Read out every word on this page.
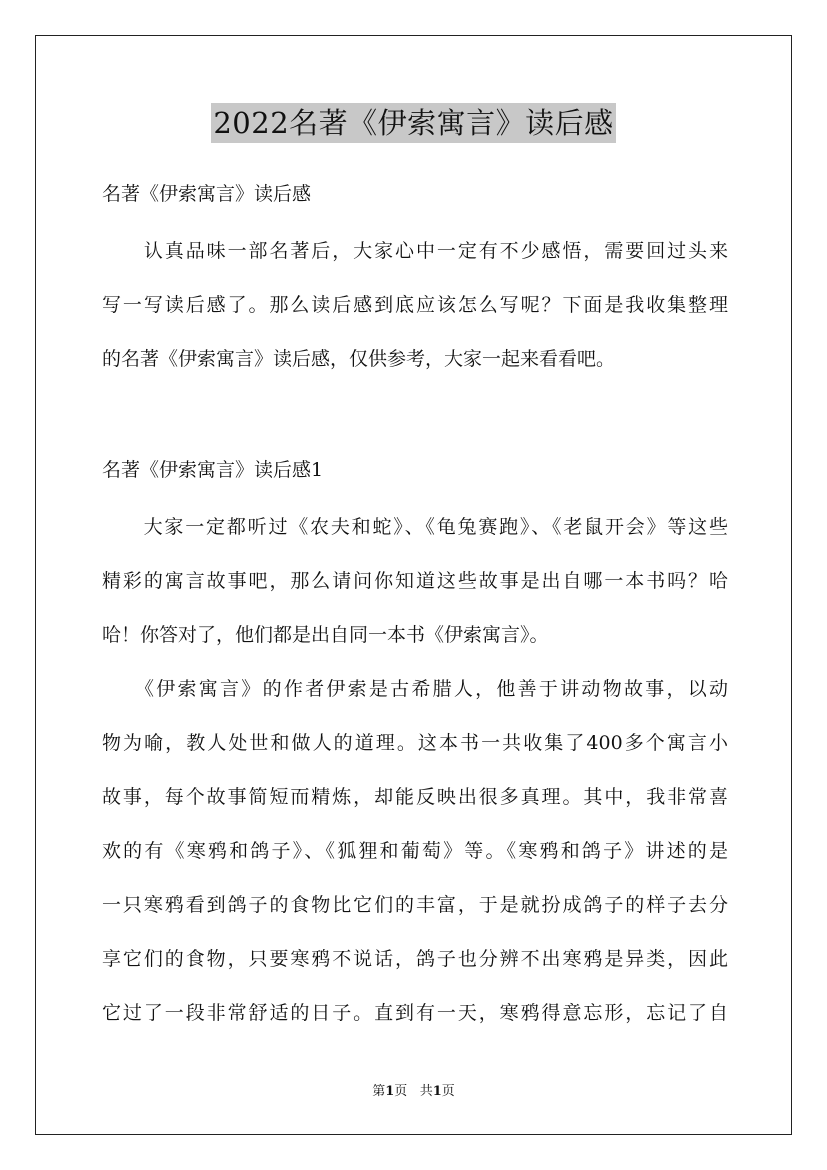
2022名著《伊索寓言》读后感
名著《伊索寓言》读后感
　　认真品味一部名著后，大家心中一定有不少感悟，需要回过头来
写一写读后感了。那么读后感到底应该怎么写呢？下面是我收集整理
的名著《伊索寓言》读后感，仅供参考，大家一起来看看吧。
名著《伊索寓言》读后感1
　　大家一定都听过《农夫和蛇》、《龟兔赛跑》、《老鼠开会》等这些
精彩的寓言故事吧，那么请问你知道这些故事是出自哪一本书吗？哈
哈！你答对了，他们都是出自同一本书《伊索寓言》。
　　《伊索寓言》的作者伊索是古希腊人，他善于讲动物故事，以动
物为喻，教人处世和做人的道理。这本书一共收集了400多个寓言小
故事，每个故事简短而精炼，却能反映出很多真理。其中，我非常喜
欢的有《寒鸦和鸽子》、《狐狸和葡萄》等。《寒鸦和鸽子》讲述的是
一只寒鸦看到鸽子的食物比它们的丰富，于是就扮成鸽子的样子去分
享它们的食物，只要寒鸦不说话，鸽子也分辨不出寒鸦是异类，因此
它过了一段非常舒适的日子。直到有一天，寒鸦得意忘形，忘记了自
第1页 共1页
